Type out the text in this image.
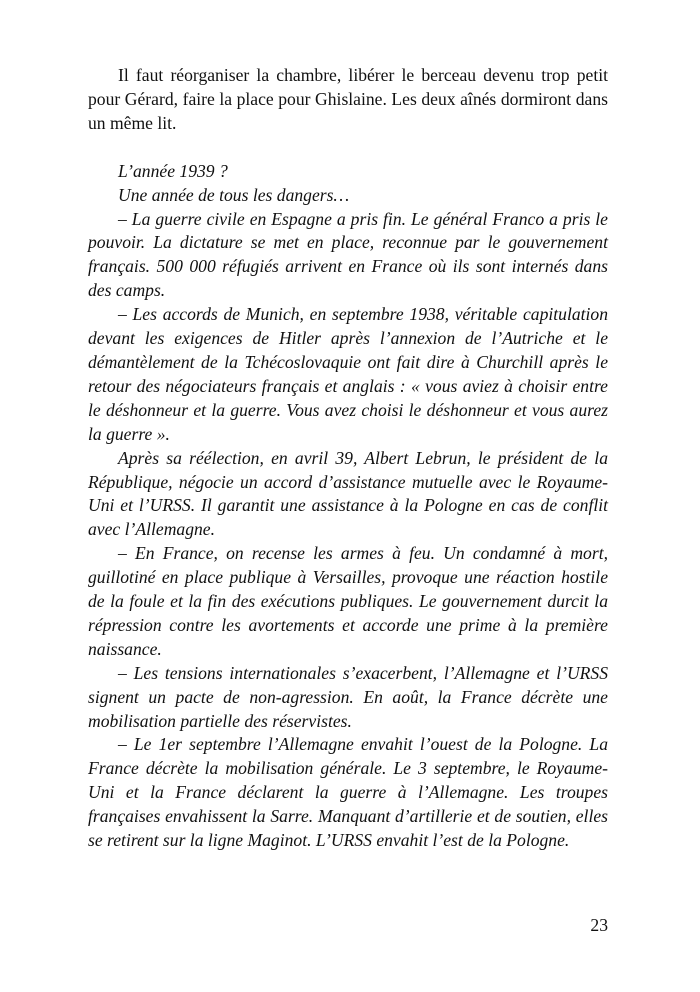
Il faut réorganiser la chambre, libérer le berceau devenu trop petit pour Gérard, faire la place pour Ghislaine. Les deux aînés dormiront dans un même lit.

L’année 1939 ?

Une année de tous les dangers…

– La guerre civile en Espagne a pris fin. Le général Franco a pris le pouvoir. La dictature se met en place, reconnue par le gouvernement français. 500 000 réfugiés arrivent en France où ils sont internés dans des camps.

– Les accords de Munich, en septembre 1938, véritable capitulation devant les exigences de Hitler après l’annexion de l’Autriche et le démantèlement de la Tchécoslovaquie ont fait dire à Churchill après le retour des négociateurs français et anglais : « vous aviez à choisir entre le déshonneur et la guerre. Vous avez choisi le déshonneur et vous aurez la guerre ».

Après sa réélection, en avril 39, Albert Lebrun, le président de la République, négocie un accord d’assistance mutuelle avec le Royaume-Uni et l’URSS. Il garantit une assistance à la Pologne en cas de conflit avec l’Allemagne.

– En France, on recense les armes à feu. Un condamné à mort, guillotiné en place publique à Versailles, provoque une réaction hostile de la foule et la fin des exécutions publiques. Le gouvernement durcit la répression contre les avortements et accorde une prime à la première naissance.

– Les tensions internationales s’exacerbent, l’Allemagne et l’URSS signent un pacte de non-agression. En août, la France décrète une mobilisation partielle des réservistes.

– Le 1er septembre l’Allemagne envahit l’ouest de la Pologne. La France décrète la mobilisation générale. Le 3 septembre, le Royaume-Uni et la France déclarent la guerre à l’Allemagne. Les troupes françaises envahissent la Sarre. Manquant d’artillerie et de soutien, elles se retirent sur la ligne Maginot. L’URSS envahit l’est de la Pologne.

23
